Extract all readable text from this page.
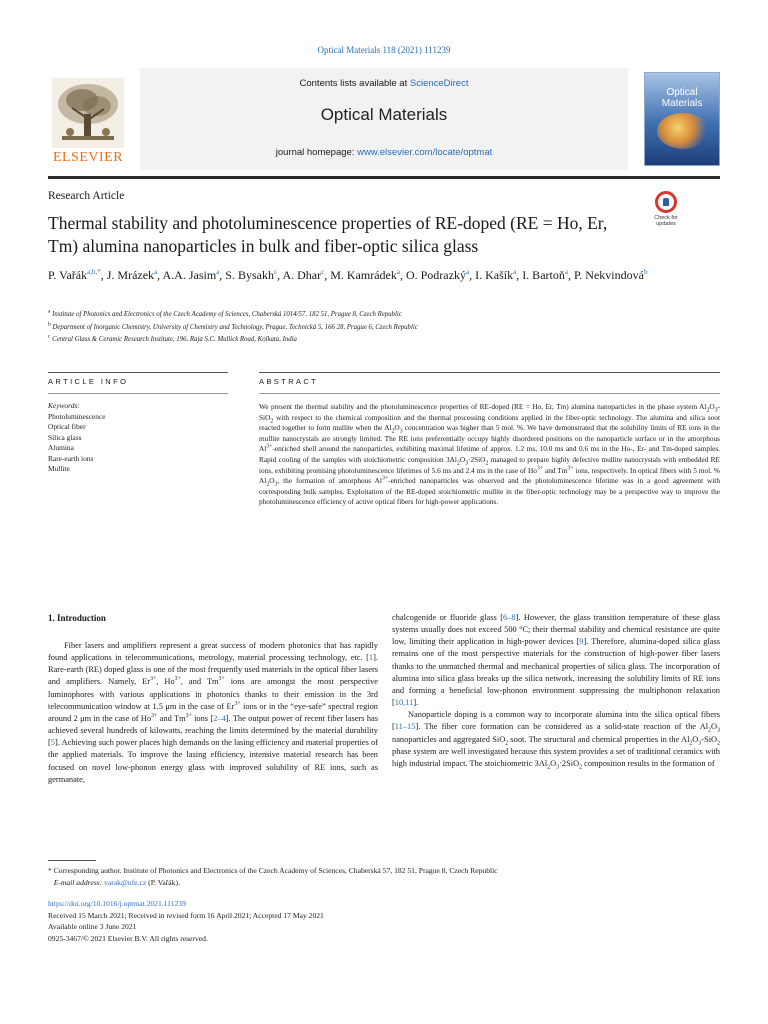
Optical Materials 118 (2021) 111239
ELSEVIER
Contents lists available at ScienceDirect
Optical Materials
journal homepage: www.elsevier.com/locate/optmat
Optical Materials
Research Article
Thermal stability and photoluminescence properties of RE-doped (RE = Ho, Er, Tm) alumina nanoparticles in bulk and fiber-optic silica glass
Check for updates
P. Vařák$^{a,b,*}$, J. Mrázek$^a$, A.A. Jasim$^a$, S. Bysakh$^c$, A. Dhar$^c$, M. Kamrádek$^a$, O. Podrazký$^a$, I. Kašík$^a$, I. Bartoň$^a$, P. Nekvindová$^b$
$^a$ Institute of Photonics and Electronics of the Czech Academy of Sciences, Chaberská 1014/57, 182 51, Prague 8, Czech Republic
$^b$ Department of Inorganic Chemistry, University of Chemistry and Technology, Prague, Technická 5, 166 28, Prague 6, Czech Republic
$^c$ Central Glass & Ceramic Research Institute, 196, Raja S.C. Mullick Road, Kolkata, India
ARTICLE INFO	ABSTRACT
Keywords:
Photoluminescence
Optical fiber
Silica glass
Alumina
Rare-earth ions
Mullite
We present the thermal stability and the photoluminescence properties of RE-doped (RE = Ho, Er, Tm) alumina nanoparticles in the phase system $Al_2O_3-SiO_2$ with respect to the chemical composition and the thermal processing conditions applied in the fiber-optic technology. The alumina and silica soot reacted together to form mullite when the $Al_2O_3$ concentration was higher than 5 mol. %. We have demonstrated that the solubility limits of RE ions in the mullite nanocrystals are strongly limited. The RE ions preferentially occupy highly disordered positions on the nanoparticle surface or in the amorphous $Al^{3+}$-enriched shell around the nanoparticles, exhibiting maximal lifetime of approx. 1.2 ms, 10.0 ms and 0.6 ms in the Ho-, Er- and Tm-doped samples. Rapid cooling of the samples with stoichiometric composition $3Al_2O_3\cdot 2SiO_2$ managed to prepare highly defective mullite nanocrystals with embedded RE ions, exhibiting promising photoluminescence lifetimes of 5.6 ms and 2.4 ms in the case of $Ho^{3+}$ and $Tm^{3+}$ ions, respectively. In optical fibers with 5 mol. % $Al_2O_3$, the formation of amorphous $Al^{3+}$-enriched nanoparticles was observed and the photoluminescence lifetime was in a good agreement with corresponding bulk samples. Exploitation of the RE-doped stoichiometric mullite in the fiber-optic technology may be a perspective way to improve the photoluminescence efficiency of active optical fibers for high-power applications.
1. Introduction

Fiber lasers and amplifiers represent a great success of modern photonics that has rapidly found applications in telecommunications, metrology, material processing technology, etc. [1]. Rare-earth (RE) doped glass is one of the most frequently used materials in the optical fiber lasers and amplifiers. Namely, $Er^{3+}$, $Ho^{3+}$, and $Tm^{3+}$ ions are amongst the most perspective luminophores with various applications in photonics thanks to their emission in the 3rd telecommunication window at 1.5 μm in the case of $Er^{3+}$ ions or in the “eye-safe” spectral region around 2 μm in the case of $Ho^{3+}$ and $Tm^{3+}$ ions [2–4]. The output power of recent fiber lasers has achieved several hundreds of kilowatts, reaching the limits determined by the material durability [5]. Achieving such power places high demands on the lasing efficiency and material properties of the applied materials. To improve the lasing efficiency, intensive material research has been focused on novel low-phonon energy glass with improved solubility of RE ions, such as germanate,

chalcogenide or fluoride glass [6–8]. However, the glass transition temperature of these glass systems usually does not exceed 500 °C; their thermal stability and chemical resistance are quite low, limiting their application in high-power devices [9]. Therefore, alumina-doped silica glass remains one of the most perspective materials for the construction of high-power fiber lasers thanks to the unmatched thermal and mechanical properties of silica glass. The incorporation of alumina into silica glass breaks up the silica network, increasing the solubility limits of RE ions and forming a beneficial low-phonon environment suppressing the multiphonon relaxation [10,11].

Nanoparticle doping is a common way to incorporate alumina into the silica optical fibers [11–15]. The fiber core formation can be considered as a solid-state reaction of the $Al_2O_3$ nanoparticles and aggregated SiO$_2$ soot. The structural and chemical properties in the $Al_2O_3-SiO_2$ phase system are well investigated because this system provides a set of traditional ceramics with high industrial impact. The stoichiometric $3Al_2O_3\cdot 2SiO_2$ composition results in the formation of

* Corresponding author. Institute of Photonics and Electronics of the Czech Academy of Sciences, Chaberská 57, 182 51, Prague 8, Czech Republic
E-mail address: varak@ufe.cz (P. Vařák).
https://doi.org/10.1016/j.optmat.2021.111239
Received 15 March 2021; Received in revised form 16 April 2021; Accepted 17 May 2021
Available online 3 June 2021
0925-3467/© 2021 Elsevier B.V. All rights reserved.
